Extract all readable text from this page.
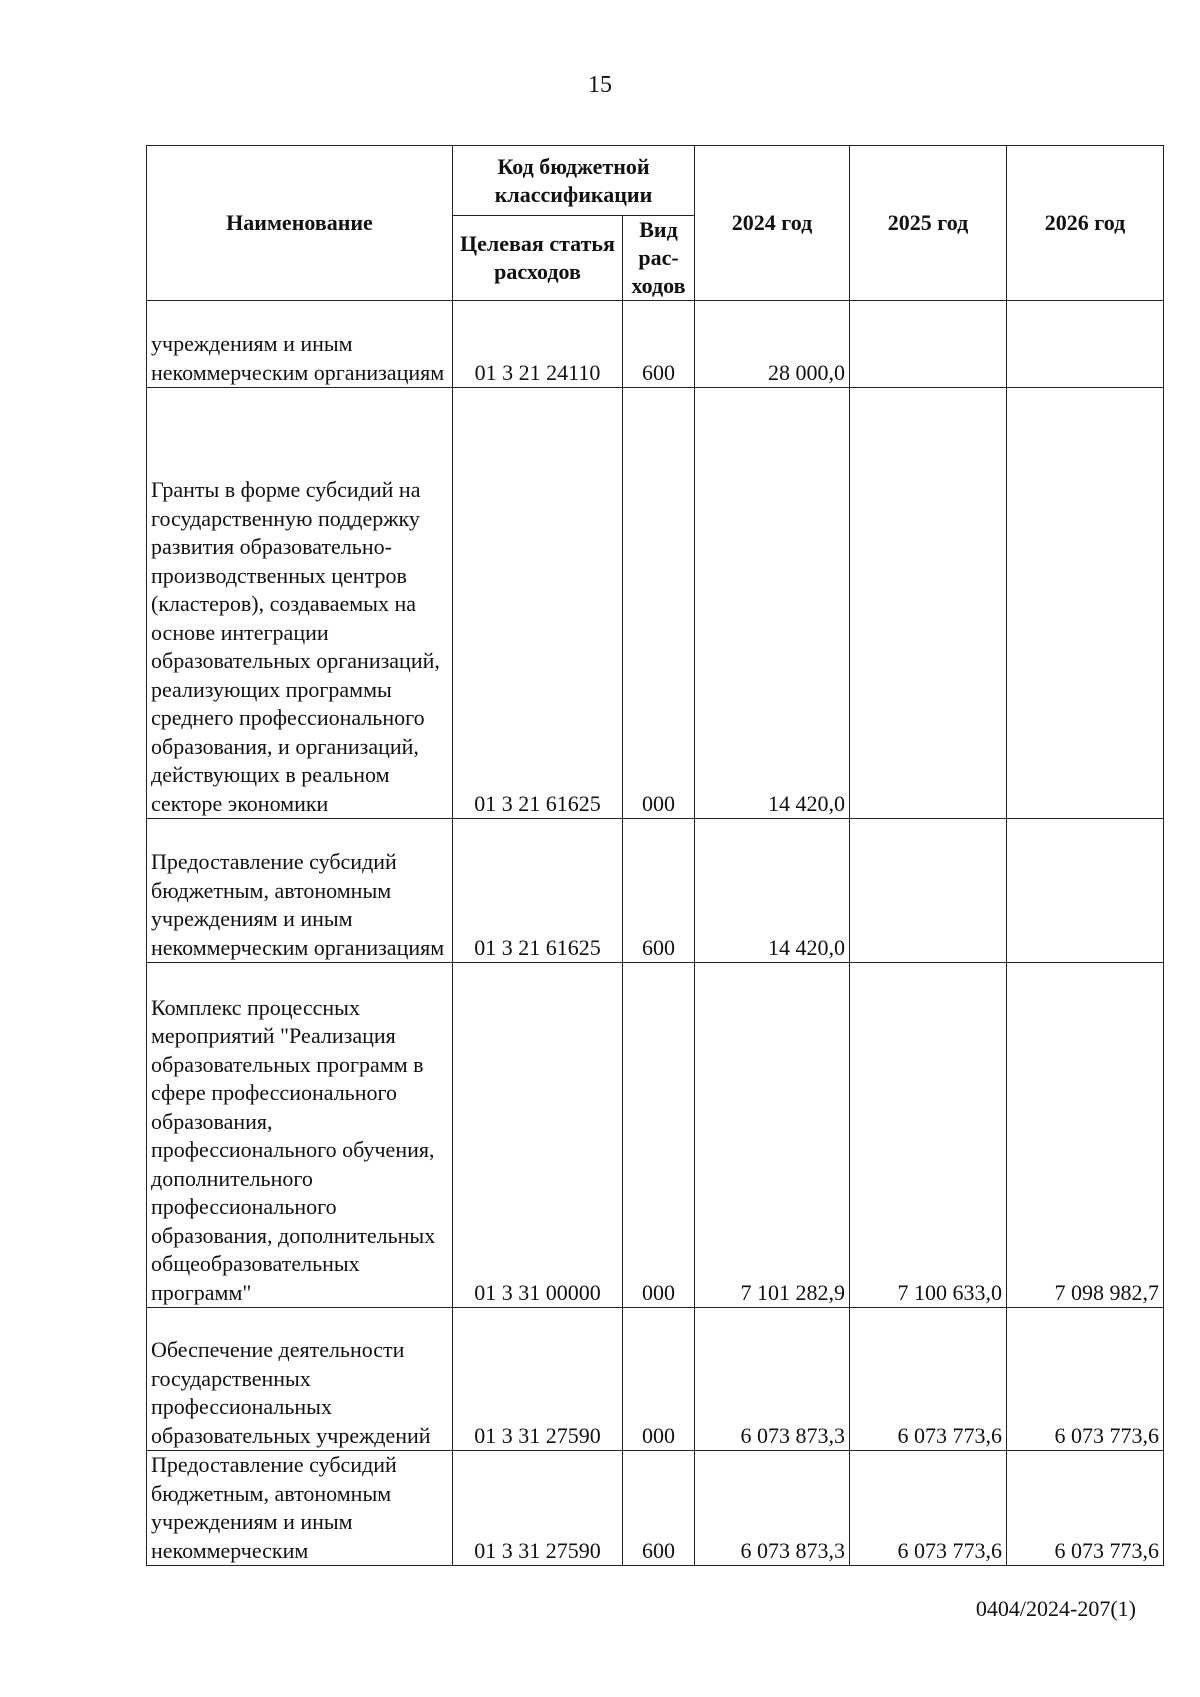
15
Наименование	Код бюджетной классификации		2024 год	2025 год	2026 год
	Целевая статья расходов	Вид рас-ходов			
учреждениям и иным некоммерческим организациям	01 3 21 24110	600	28 000,0		
Гранты в форме субсидий на государственную поддержку развития образовательно-производственных центров (кластеров), создаваемых на основе интеграции образовательных организаций, реализующих программы среднего профессионального образования, и организаций, действующих в реальном секторе экономики	01 3 21 61625	000	14 420,0		
Предоставление субсидий бюджетным, автономным учреждениям и иным некоммерческим организациям	01 3 21 61625	600	14 420,0		
Комплекс процессных мероприятий "Реализация образовательных программ в сфере профессионального образования, профессионального обучения, дополнительного профессионального образования, дополнительных общеобразовательных программ"	01 3 31 00000	000	7 101 282,9	7 100 633,0	7 098 982,7
Обеспечение деятельности государственных профессиональных образовательных учреждений	01 3 31 27590	000	6 073 873,3	6 073 773,6	6 073 773,6
Предоставление субсидий бюджетным, автономным учреждениям и иным некоммерческим	01 3 31 27590	600	6 073 873,3	6 073 773,6	6 073 773,6
0404/2024-207(1)
